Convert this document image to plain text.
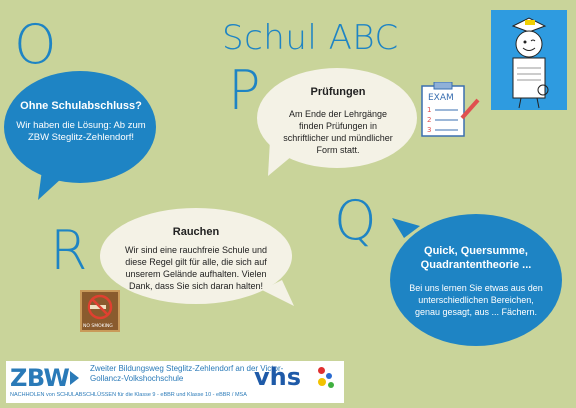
O	Schul ABC
P
Q
R
Ohne Schulabschluss?
Wir haben die Lösung: Ab zum ZBW Steglitz-Zehlendorf!
Prüfungen
Am Ende der Lehrgänge finden Prüfungen in schriftlicher und mündlicher Form statt.
Rauchen
Wir sind eine rauchfreie Schule und diese Regel gilt für alle, die sich auf unserem Gelände aufhalten. Vielen Dank, dass Sie sich daran halten!
Quick, Quersumme, Quadrantentheorie ...
Bei uns lernen Sie etwas aus den unterschiedlichen Bereichen, genau gesagt, aus ... Fächern.
EXAM
1
2
3
NO SMOKING
ZBW	Zweiter Bildungsweg Steglitz-Zehlendorf an der Victor-Gollancz-Volkshochschule	vhs
NACHHOLEN von SCHULABSCHLÜSSEN für die Klasse 9 - eBBR und Klasse 10 - eBBR / MSA
